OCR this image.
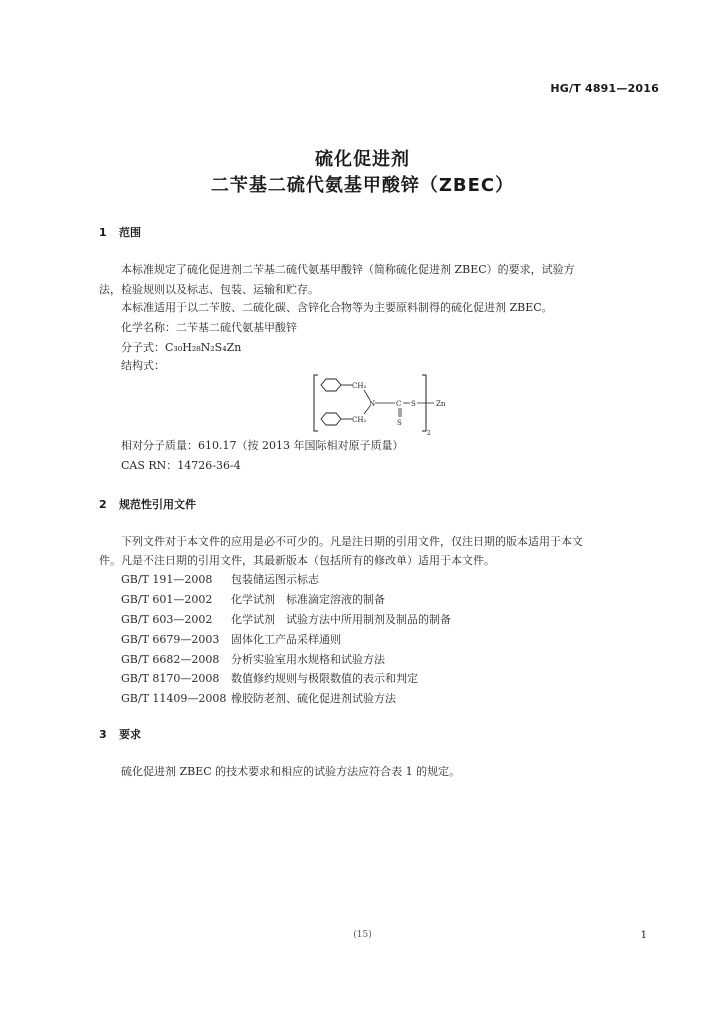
HG/T 4891—2016
硫化促进剂
二苄基二硫代氨基甲酸锌（ZBEC）
1 范围
本标准规定了硫化促进剂二苄基二硫代氨基甲酸锌（简称硫化促进剂 ZBEC）的要求，试验方
法，检验规则以及标志、包装、运输和贮存。
本标准适用于以二苄胺、二硫化碳、含锌化合物等为主要原料制得的硫化促进剂 ZBEC。
化学名称：二苄基二硫代氨基甲酸锌
分子式：C₃₀H₂₈N₂S₄Zn
结构式：
CH₂
CH₂
N	C
S
S	Zn
2
相对分子质量：610.17（按 2013 年国际相对原子质量）
CAS RN：14726-36-4
2 规范性引用文件
下列文件对于本文件的应用是必不可少的。凡是注日期的引用文件，仅注日期的版本适用于本文
件。凡是不注日期的引用文件，其最新版本（包括所有的修改单）适用于本文件。
GB/T 191—2008 包装储运图示标志
GB/T 601—2002 化学试剂　标准滴定溶液的制备
GB/T 603—2002 化学试剂　试验方法中所用制剂及制品的制备
GB/T 6679—2003 固体化工产品采样通则
GB/T 6682—2008 分析实验室用水规格和试验方法
GB/T 8170—2008 数值修约规则与极限数值的表示和判定
GB/T 11409—2008 橡胶防老剂、硫化促进剂试验方法
3 要求
硫化促进剂 ZBEC 的技术要求和相应的试验方法应符合表 1 的规定。
(15)	1
